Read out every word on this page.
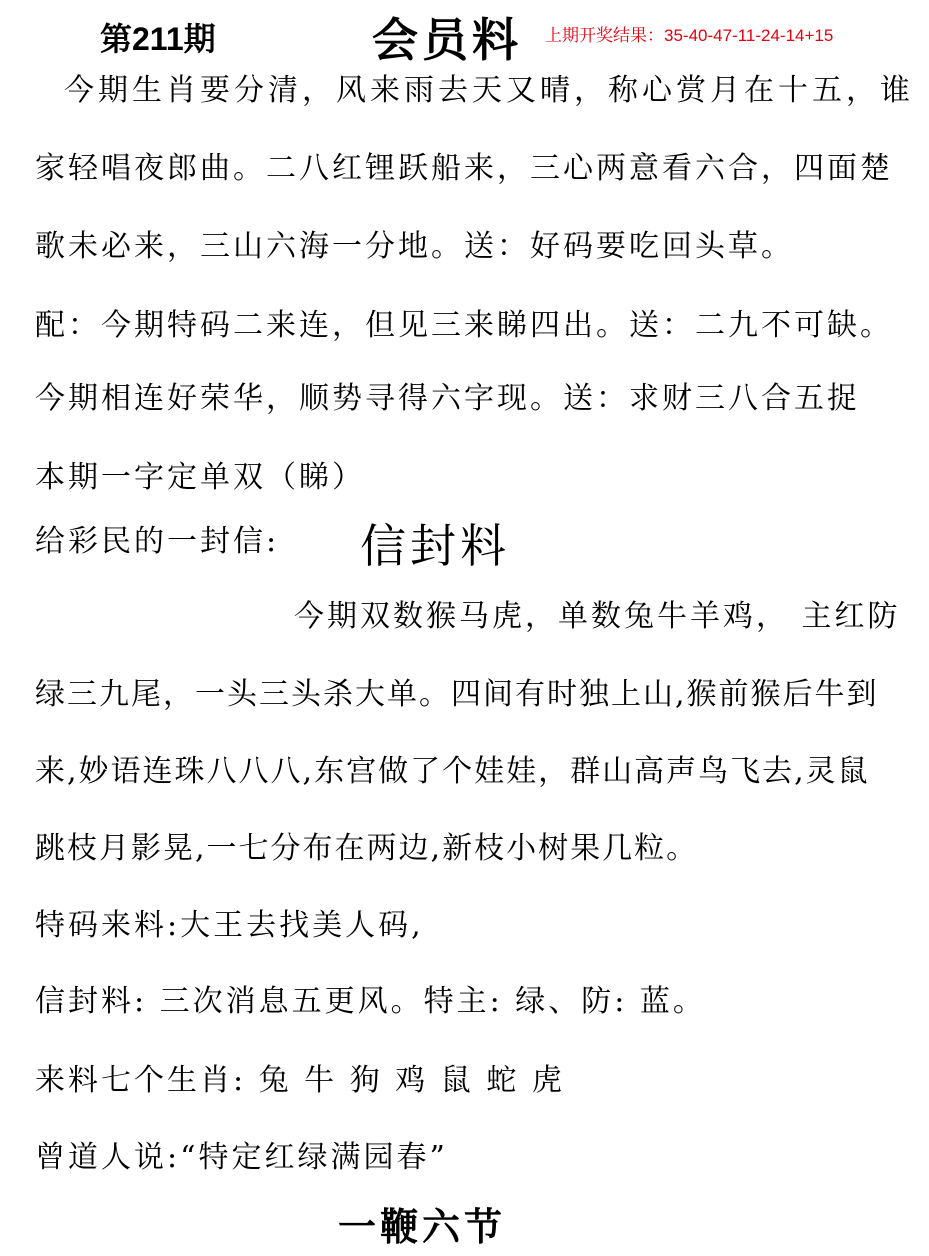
第211期	会员料 上期开奖结果：35-40-47-11-24-14+15
今期生肖要分清，风来雨去天又晴，称心赏月在十五，谁
家轻唱夜郎曲。二八红锂跃船来，三心两意看六合，四面楚
歌未必来，三山六海一分地。送：好码要吃回头草。
配：今期特码二来连，但见三来睇四出。送：二九不可缺。
今期相连好荣华，顺势寻得六字现。送：求财三八合五捉
本期一字定单双（睇）
给彩民的一封信: 信封料
今期双数猴马虎，单数兔牛羊鸡， 主红防
绿三九尾，一头三头杀大单。四间有时独上山,猴前猴后牛到
来,妙语连珠八八八,东宫做了个娃娃，群山高声鸟飞去,灵鼠
跳枝月影晃,一七分布在两边,新枝小树果几粒。
特码来料:大王去找美人码,
信封料: 三次消息五更风。特主: 绿、防: 蓝。
来料七个生肖: 兔 牛 狗 鸡 鼠 蛇 虎
曾道人说:“特定红绿满园春”
一鞭六节
